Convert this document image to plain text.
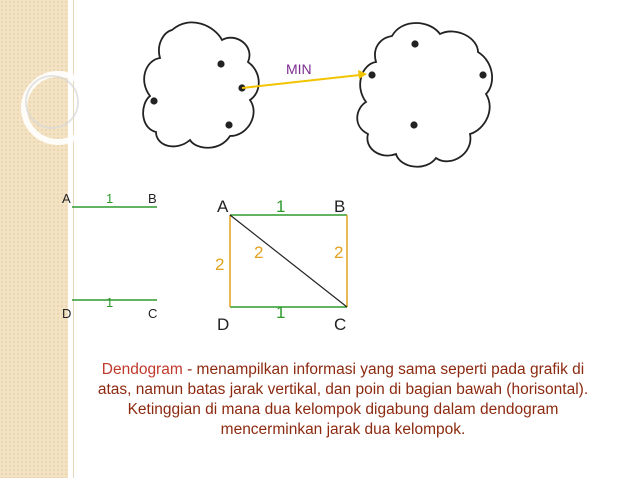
MIN
A	1	B
1
D	C
A	1	B
2
2	2
1
D	C
Dendogram - menampilkan informasi yang sama seperti pada grafik di atas, namun batas jarak vertikal, dan poin di bagian bawah (horisontal). Ketinggian di mana dua kelompok digabung dalam dendogram mencerminkan jarak dua kelompok.
